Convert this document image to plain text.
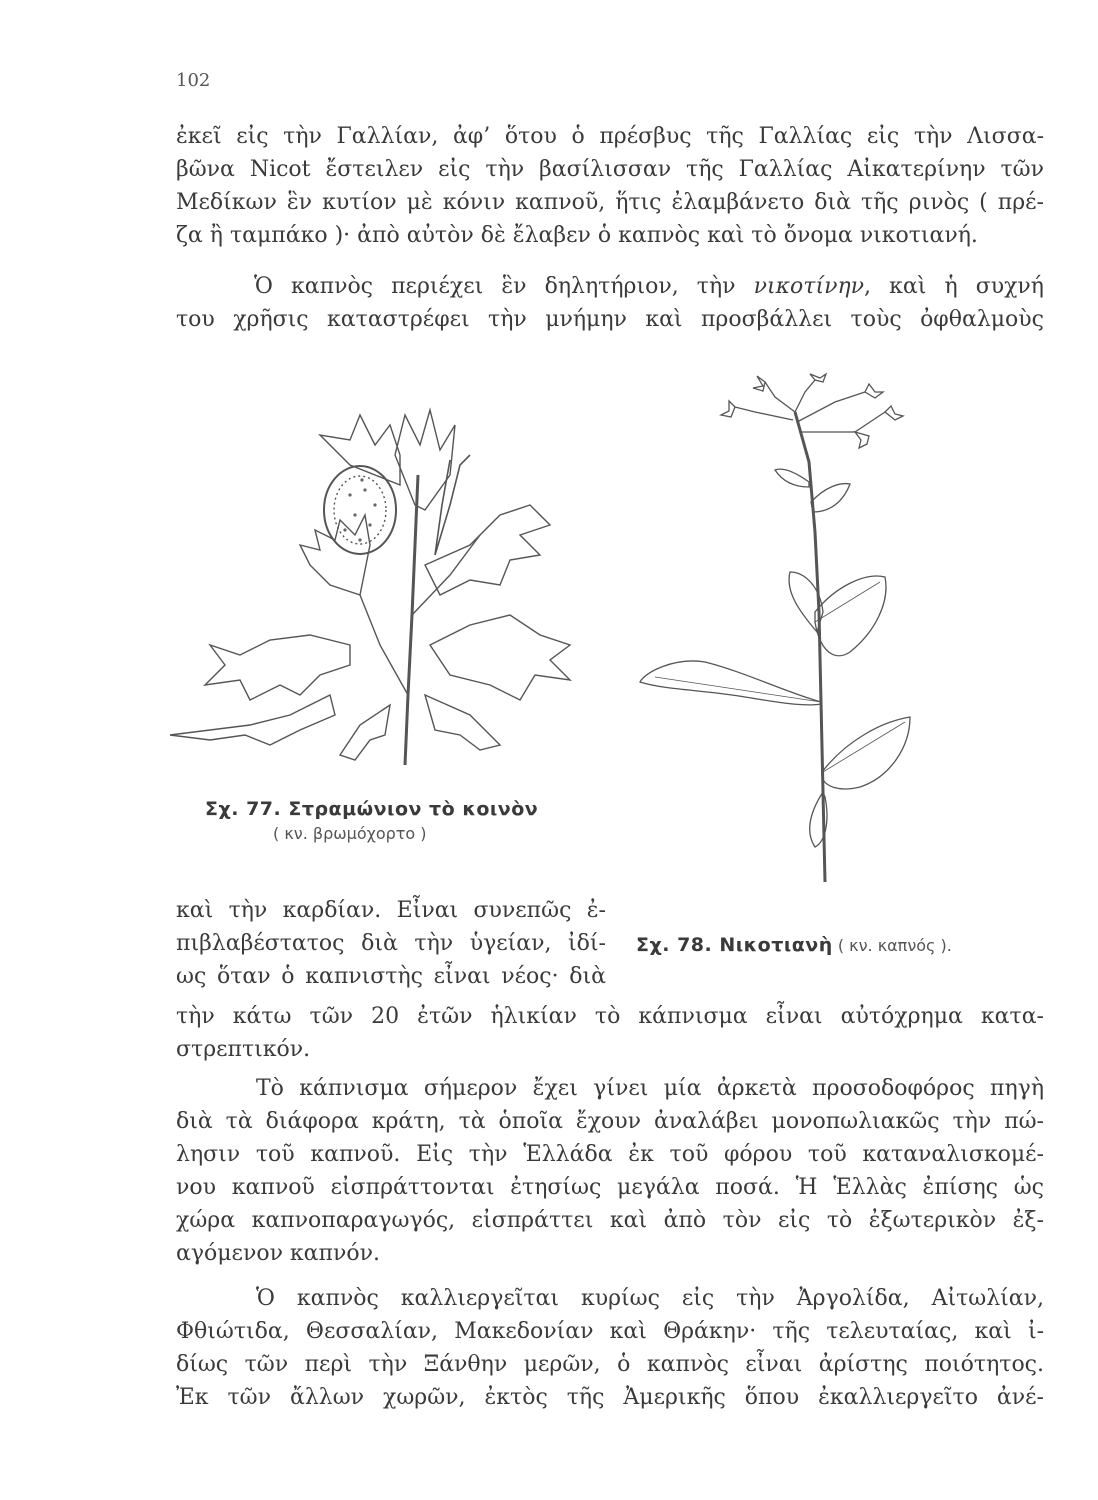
102
ἐκεῖ εἰς τὴν Γαλλίαν, ἀφ’ ὅτου ὁ πρέσβυς τῆς Γαλλίας εἰς τὴν Λισσα-
βῶνα Nicot ἔστειλεν εἰς τὴν βασίλισσαν τῆς Γαλλίας Αἰκατερίνην τῶν
Μεδίκων ἓν κυτίον μὲ κόνιν καπνοῦ, ἥτις ἐλαμβάνετο διὰ τῆς ρινὸς ( πρέ-
ζα ἢ ταμπάκο )· ἀπὸ αὐτὸν δὲ ἔλαβεν ὁ καπνὸς καὶ τὸ ὄνομα νικοτιανή.
Ὁ καπνὸς περιέχει ἓν δηλητήριον, τὴν νικοτίνην, καὶ ἡ συχνή
του χρῆσις καταστρέφει τὴν μνήμην καὶ προσβάλλει τοὺς ὀφθαλμοὺς
Σχ. 77. Στραμώνιον τὸ κοινὸν
( κν. βρωμόχορτο )
Σχ. 78. Νικοτιανὴ ( κν. καπνός ).
καὶ τὴν καρδίαν. Εἶναι συνεπῶς ἐ-
πιβλαβέστατος διὰ τὴν ὑγείαν, ἰδί-
ως ὅταν ὁ καπνιστὴς εἶναι νέος· διὰ
τὴν κάτω τῶν 20 ἐτῶν ἡλικίαν τὸ κάπνισμα εἶναι αὐτόχρημα κατα-
στρεπτικόν.
Τὸ κάπνισμα σήμερον ἔχει γίνει μία ἀρκετὰ προσοδοφόρος πηγὴ
διὰ τὰ διάφορα κράτη, τὰ ὁποῖα ἔχουν ἀναλάβει μονοπωλιακῶς τὴν πώ-
λησιν τοῦ καπνοῦ. Εἰς τὴν Ἑλλάδα ἐκ τοῦ φόρου τοῦ καταναλισκομέ-
νου καπνοῦ εἰσπράττονται ἐτησίως μεγάλα ποσά. Ἡ Ἑλλὰς ἐπίσης ὡς
χώρα καπνοπαραγωγός, εἰσπράττει καὶ ἀπὸ τὸν εἰς τὸ ἐξωτερικὸν ἐξ-
αγόμενον καπνόν.
Ὁ καπνὸς καλλιεργεῖται κυρίως εἰς τὴν Ἀργολίδα, Αἰτωλίαν,
Φθιώτιδα, Θεσσαλίαν, Μακεδονίαν καὶ Θράκην· τῆς τελευταίας, καὶ ἰ-
δίως τῶν περὶ τὴν Ξάνθην μερῶν, ὁ καπνὸς εἶναι ἀρίστης ποιότητος.
Ἐκ τῶν ἄλλων χωρῶν, ἐκτὸς τῆς Ἀμερικῆς ὅπου ἐκαλλιεργεῖτο ἀνέ-
